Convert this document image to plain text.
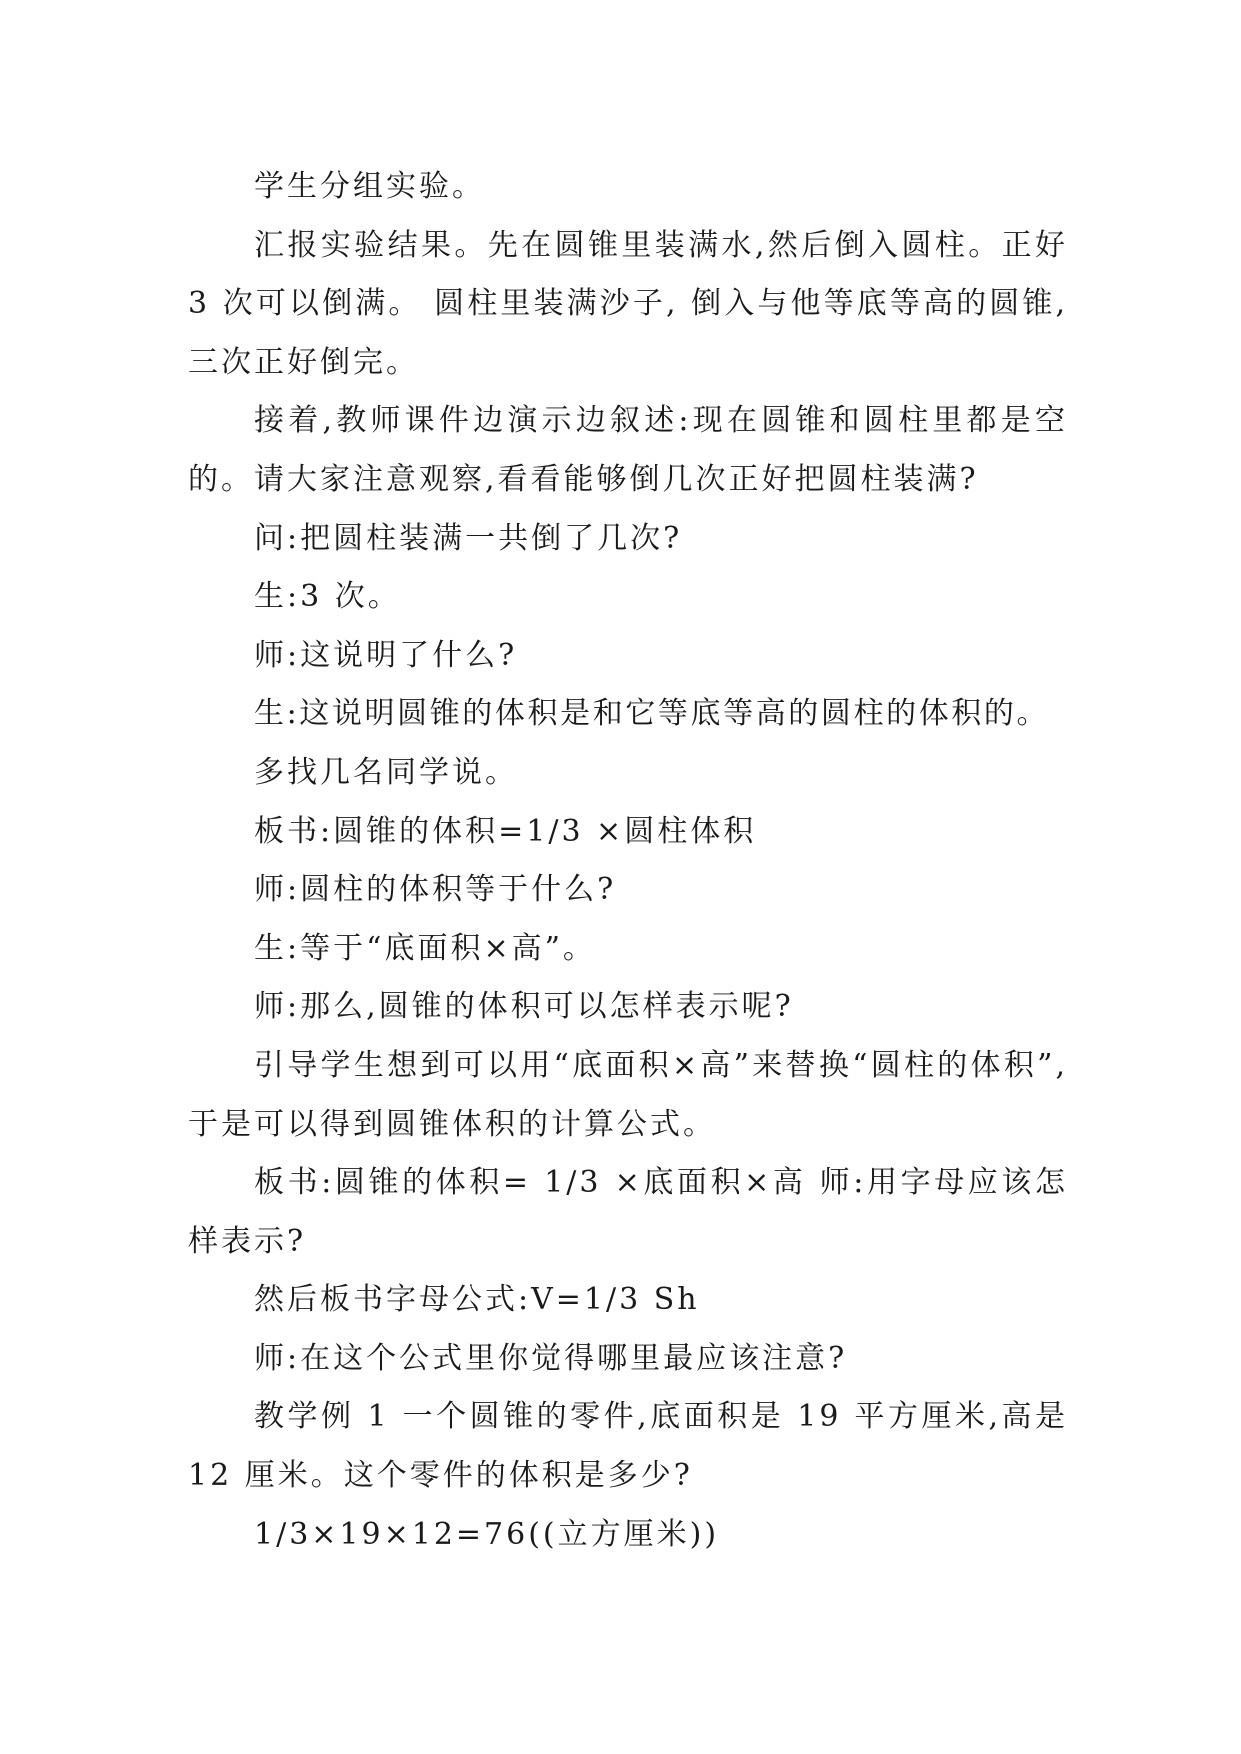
学生分组实验。

汇报实验结果。先在圆锥里装满水,然后倒入圆柱。正好 3 次可以倒满。 圆柱里装满沙子, 倒入与他等底等高的圆锥, 三次正好倒完。

接着,教师课件边演示边叙述:现在圆锥和圆柱里都是空的。请大家注意观察,看看能够倒几次正好把圆柱装满?

问:把圆柱装满一共倒了几次?

生:3 次。

师:这说明了什么?

生:这说明圆锥的体积是和它等底等高的圆柱的体积的。

多找几名同学说。

板书:圆锥的体积=1/3 ×圆柱体积

师:圆柱的体积等于什么?

生:等于“底面积×高”。

师:那么,圆锥的体积可以怎样表示呢?

引导学生想到可以用“底面积×高”来替换“圆柱的体积”,于是可以得到圆锥体积的计算公式。

板书:圆锥的体积= 1/3 ×底面积×高 师:用字母应该怎样表示?

然后板书字母公式:V=1/3 Sh

师:在这个公式里你觉得哪里最应该注意?

教学例 1 一个圆锥的零件,底面积是 19 平方厘米,高是 12 厘米。这个零件的体积是多少?

1/3×19×12=76((立方厘米))
